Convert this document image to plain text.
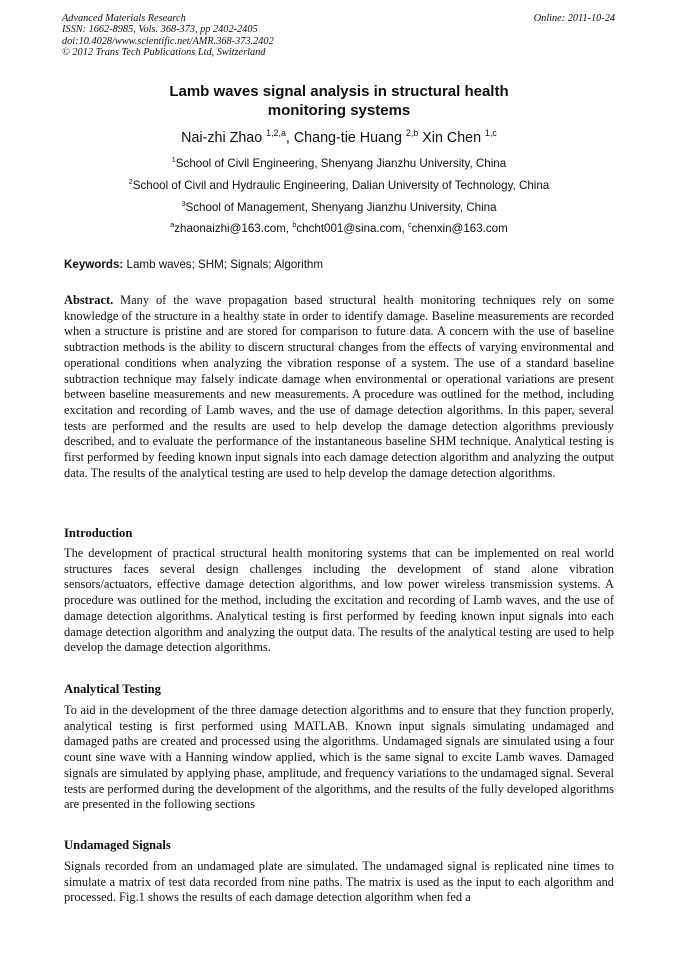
Advanced Materials Research
ISSN: 1662-8985, Vols. 368-373, pp 2402-2405
doi:10.4028/www.scientific.net/AMR.368-373.2402
© 2012 Trans Tech Publications Ltd, Switzerland
Online: 2011-10-24
Lamb waves signal analysis in structural health
monitoring systems
Nai-zhi Zhao $^{1,2,a}$, Chang-tie Huang $^{2,b}$ Xin Chen $^{1,c}$
$^1$School of Civil Engineering, Shenyang Jianzhu University, China
$^2$School of Civil and Hydraulic Engineering, Dalian University of Technology, China
$^3$School of Management, Shenyang Jianzhu University, China
$^a$zhaonaizhi@163.com, $^b$chcht001@sina.com, $^c$chenxin@163.com
Keywords: Lamb waves; SHM; Signals; Algorithm

Abstract. Many of the wave propagation based structural health monitoring techniques rely on some knowledge of the structure in a healthy state in order to identify damage. Baseline measurements are recorded when a structure is pristine and are stored for comparison to future data. A concern with the use of baseline subtraction methods is the ability to discern structural changes from the effects of varying environmental and operational conditions when analyzing the vibration response of a system. The use of a standard baseline subtraction technique may falsely indicate damage when environmental or operational variations are present between baseline measurements and new measurements. A procedure was outlined for the method, including excitation and recording of Lamb waves, and the use of damage detection algorithms. In this paper, several tests are performed and the results are used to help develop the damage detection algorithms previously described, and to evaluate the performance of the instantaneous baseline SHM technique. Analytical testing is first performed by feeding known input signals into each damage detection algorithm and analyzing the output data. The results of the analytical testing are used to help develop the damage detection algorithms.

Introduction

The development of practical structural health monitoring systems that can be implemented on real world structures faces several design challenges including the development of stand alone vibration sensors/actuators, effective damage detection algorithms, and low power wireless transmission systems. A procedure was outlined for the method, including the excitation and recording of Lamb waves, and the use of damage detection algorithms. Analytical testing is first performed by feeding known input signals into each damage detection algorithm and analyzing the output data. The results of the analytical testing are used to help develop the damage detection algorithms.

Analytical Testing

To aid in the development of the three damage detection algorithms and to ensure that they function properly, analytical testing is first performed using MATLAB. Known input signals simulating undamaged and damaged paths are created and processed using the algorithms. Undamaged signals are simulated using a four count sine wave with a Hanning window applied, which is the same signal to excite Lamb waves. Damaged signals are simulated by applying phase, amplitude, and frequency variations to the undamaged signal. Several tests are performed during the development of the algorithms, and the results of the fully developed algorithms are presented in the following sections

Undamaged Signals

Signals recorded from an undamaged plate are simulated. The undamaged signal is replicated nine times to simulate a matrix of test data recorded from nine paths. The matrix is used as the input to each algorithm and processed. Fig.1 shows the results of each damage detection algorithm when fed a
